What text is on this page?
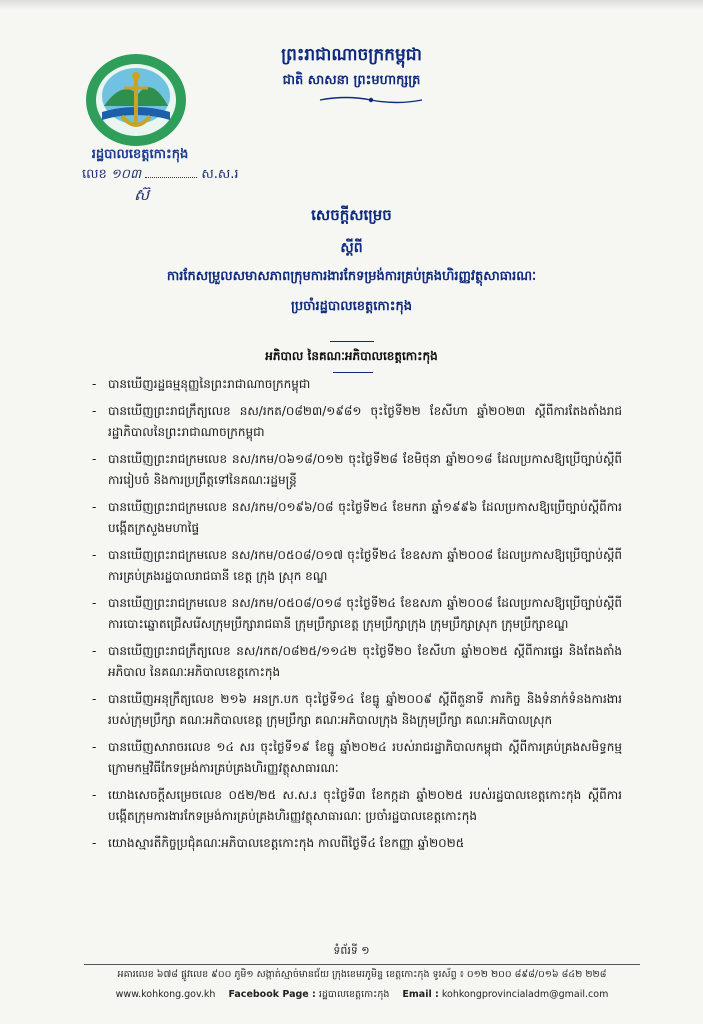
រដ្ឋបាលខេត្តកោះកុង
លេខ ១០៣	ស.ស.រ
ស៊
ព្រះរាជាណាចក្រកម្ពុជា
ជាតិ សាសនា ព្រះមហាក្សត្រ
សេចក្តីសម្រេច
ស្តីពី
ការកែសម្រួលសមាសភាពក្រុមការងារកែទម្រង់ការគ្រប់គ្រងហិរញ្ញវត្ថុសាធារណៈ
ប្រចាំរដ្ឋបាលខេត្តកោះកុង
អភិបាល នៃគណៈអភិបាលខេត្តកោះកុង
- បានឃើញរដ្ឋធម្មនុញ្ញនៃព្រះរាជាណាចក្រកម្ពុជា
- បានឃើញព្រះរាជក្រឹត្យលេខ នស/រកត/០៨២៣/១៩៨១ ចុះថ្ងៃទី២២ ខែសីហា ឆ្នាំ២០២៣ ស្តីពីការតែងតាំងរាជរដ្ឋាភិបាលនៃព្រះរាជាណាចក្រកម្ពុជា
- បានឃើញព្រះរាជក្រមលេខ នស/រកម/០៦១៨/០១២ ចុះថ្ងៃទី២៨ ខែមិថុនា ឆ្នាំ២០១៨ ដែលប្រកាសឱ្យប្រើច្បាប់ស្តីពីការរៀបចំ និងការប្រព្រឹត្តទៅនៃគណៈរដ្ឋមន្ត្រី
- បានឃើញព្រះរាជក្រមលេខ នស/រកម/០១៩៦/០៨ ចុះថ្ងៃទី២៤ ខែមករា ឆ្នាំ១៩៩៦ ដែលប្រកាសឱ្យប្រើច្បាប់ស្តីពីការបង្កើតក្រសួងមហាផ្ទៃ
- បានឃើញព្រះរាជក្រមលេខ នស/រកម/០៥០៨/០១៧ ចុះថ្ងៃទី២៤ ខែឧសភា ឆ្នាំ២០០៨ ដែលប្រកាសឱ្យប្រើច្បាប់ស្តីពីការគ្រប់គ្រងរដ្ឋបាលរាជធានី ខេត្ត ក្រុង ស្រុក ខណ្ឌ
- បានឃើញព្រះរាជក្រមលេខ នស/រកម/០៥០៨/០១៨ ចុះថ្ងៃទី២៤ ខែឧសភា ឆ្នាំ២០០៨ ដែលប្រកាសឱ្យប្រើច្បាប់ស្តីពីការបោះឆ្នោតជ្រើសរើសក្រុមប្រឹក្សារាជធានី ក្រុមប្រឹក្សាខេត្ត ក្រុមប្រឹក្សាក្រុង ក្រុមប្រឹក្សាស្រុក ក្រុមប្រឹក្សាខណ្ឌ
- បានឃើញព្រះរាជក្រឹត្យលេខ នស/រកត/០៨២៥/១១៤២ ចុះថ្ងៃទី២០ ខែសីហា ឆ្នាំ២០២៥ ស្តីពីការផ្ទេរ និងតែងតាំងអភិបាល នៃគណៈអភិបាលខេត្តកោះកុង
- បានឃើញអនុក្រឹត្យលេខ ២១៦ អនក្រ.បក ចុះថ្ងៃទី១៤ ខែធ្នូ ឆ្នាំ២០០៩ ស្តីពីតួនាទី ភារកិច្ច និងទំនាក់ទំនងការងាររបស់ក្រុមប្រឹក្សា គណៈអភិបាលខេត្ត ក្រុមប្រឹក្សា គណៈអភិបាលក្រុង និងក្រុមប្រឹក្សា គណៈអភិបាលស្រុក
- បានឃើញសារាចរលេខ ១៤ សរ ចុះថ្ងៃទី១៩ ខែធ្នូ ឆ្នាំ២០២៤ របស់រាជរដ្ឋាភិបាលកម្ពុជា ស្តីពីការគ្រប់គ្រងសមិទ្ធកម្មក្រោមកម្មវិធីកែទម្រង់ការគ្រប់គ្រងហិរញ្ញវត្ថុសាធារណៈ
- យោងសេចក្តីសម្រេចលេខ ០៥២/២៥ ស.ស.រ ចុះថ្ងៃទី៣ ខែកក្កដា ឆ្នាំ២០២៥ របស់រដ្ឋបាលខេត្តកោះកុង ស្តីពីការបង្កើតក្រុមការងារកែទម្រង់ការគ្រប់គ្រងហិរញ្ញវត្ថុសាធារណៈ ប្រចាំរដ្ឋបាលខេត្តកោះកុង
- យោងស្មារតីកិច្ចប្រជុំគណៈអភិបាលខេត្តកោះកុង កាលពីថ្ងៃទី៤ ខែកញ្ញា ឆ្នាំ២០២៥
ទំព័រទី ១
អគារលេខ ៦៧៨ ផ្លូវលេខ ៩០០ ភូមិ១ សង្កាត់ស្មាច់មានជ័យ ក្រុងខេមរភូមិន្ទ ខេត្តកោះកុង ទូរស័ព្ទ ៖ ០១២ ២០០ ៨៩៨/០១៦ ៨៤២ ២២៨
www.kohkong.gov.kh Facebook Page : រដ្ឋបាលខេត្តកោះកុង Email : kohkongprovincialadm@gmail.com
